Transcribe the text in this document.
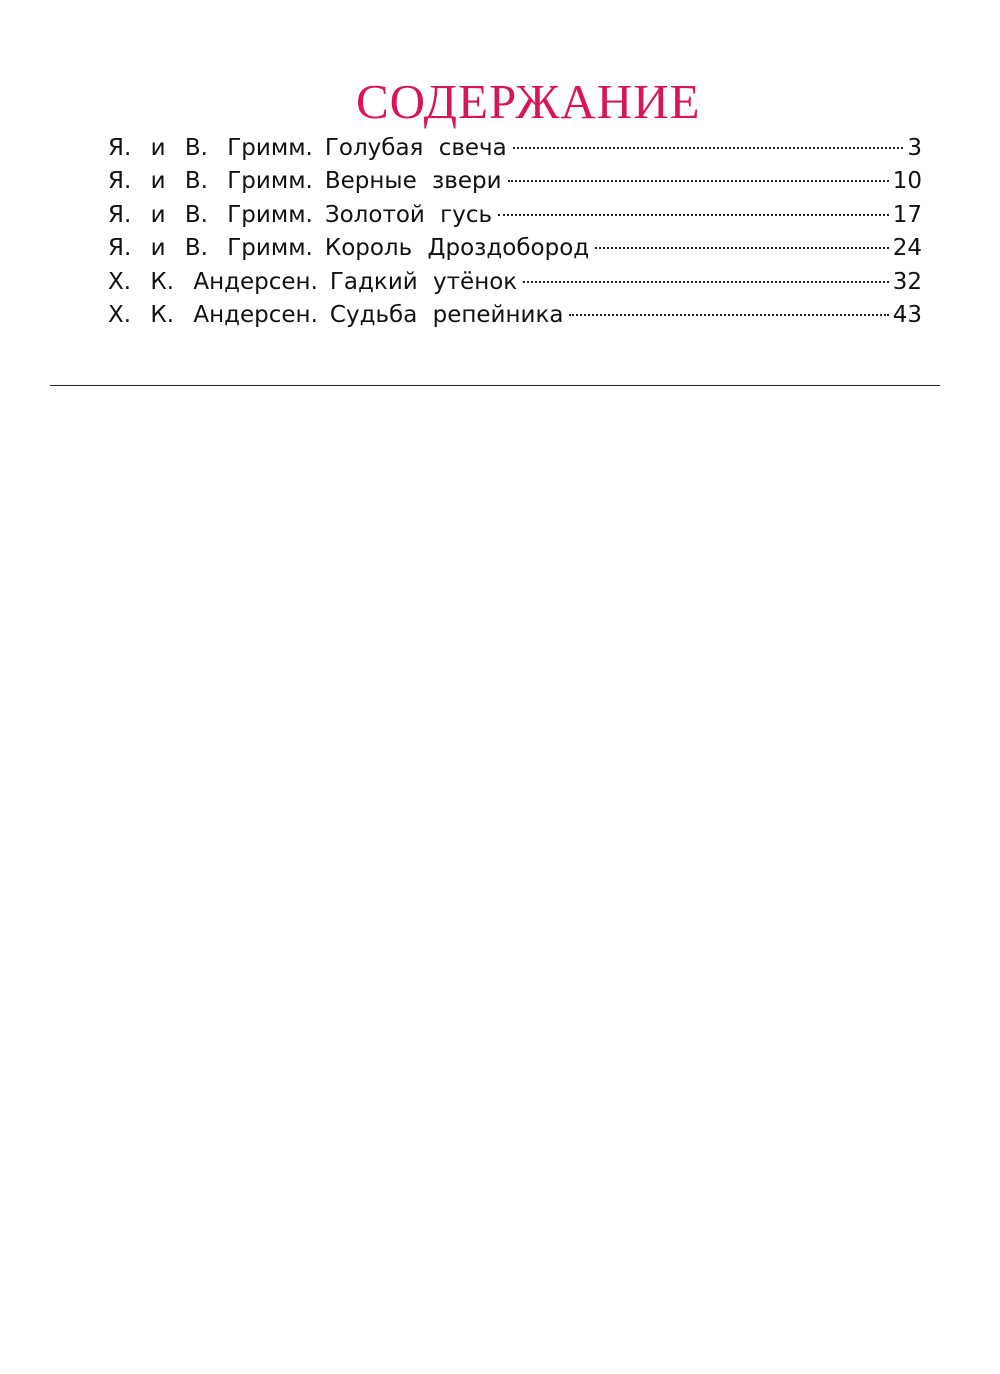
СОДЕРЖАНИЕ
Я. и В. Гримм. Голубая свеча	3
Я. и В. Гримм. Верные звери	10
Я. и В. Гримм. Золотой гусь	17
Я. и В. Гримм. Король Дроздобород	24
Х. К. Андерсен. Гадкий утёнок	32
Х. К. Андерсен. Судьба репейника	43
